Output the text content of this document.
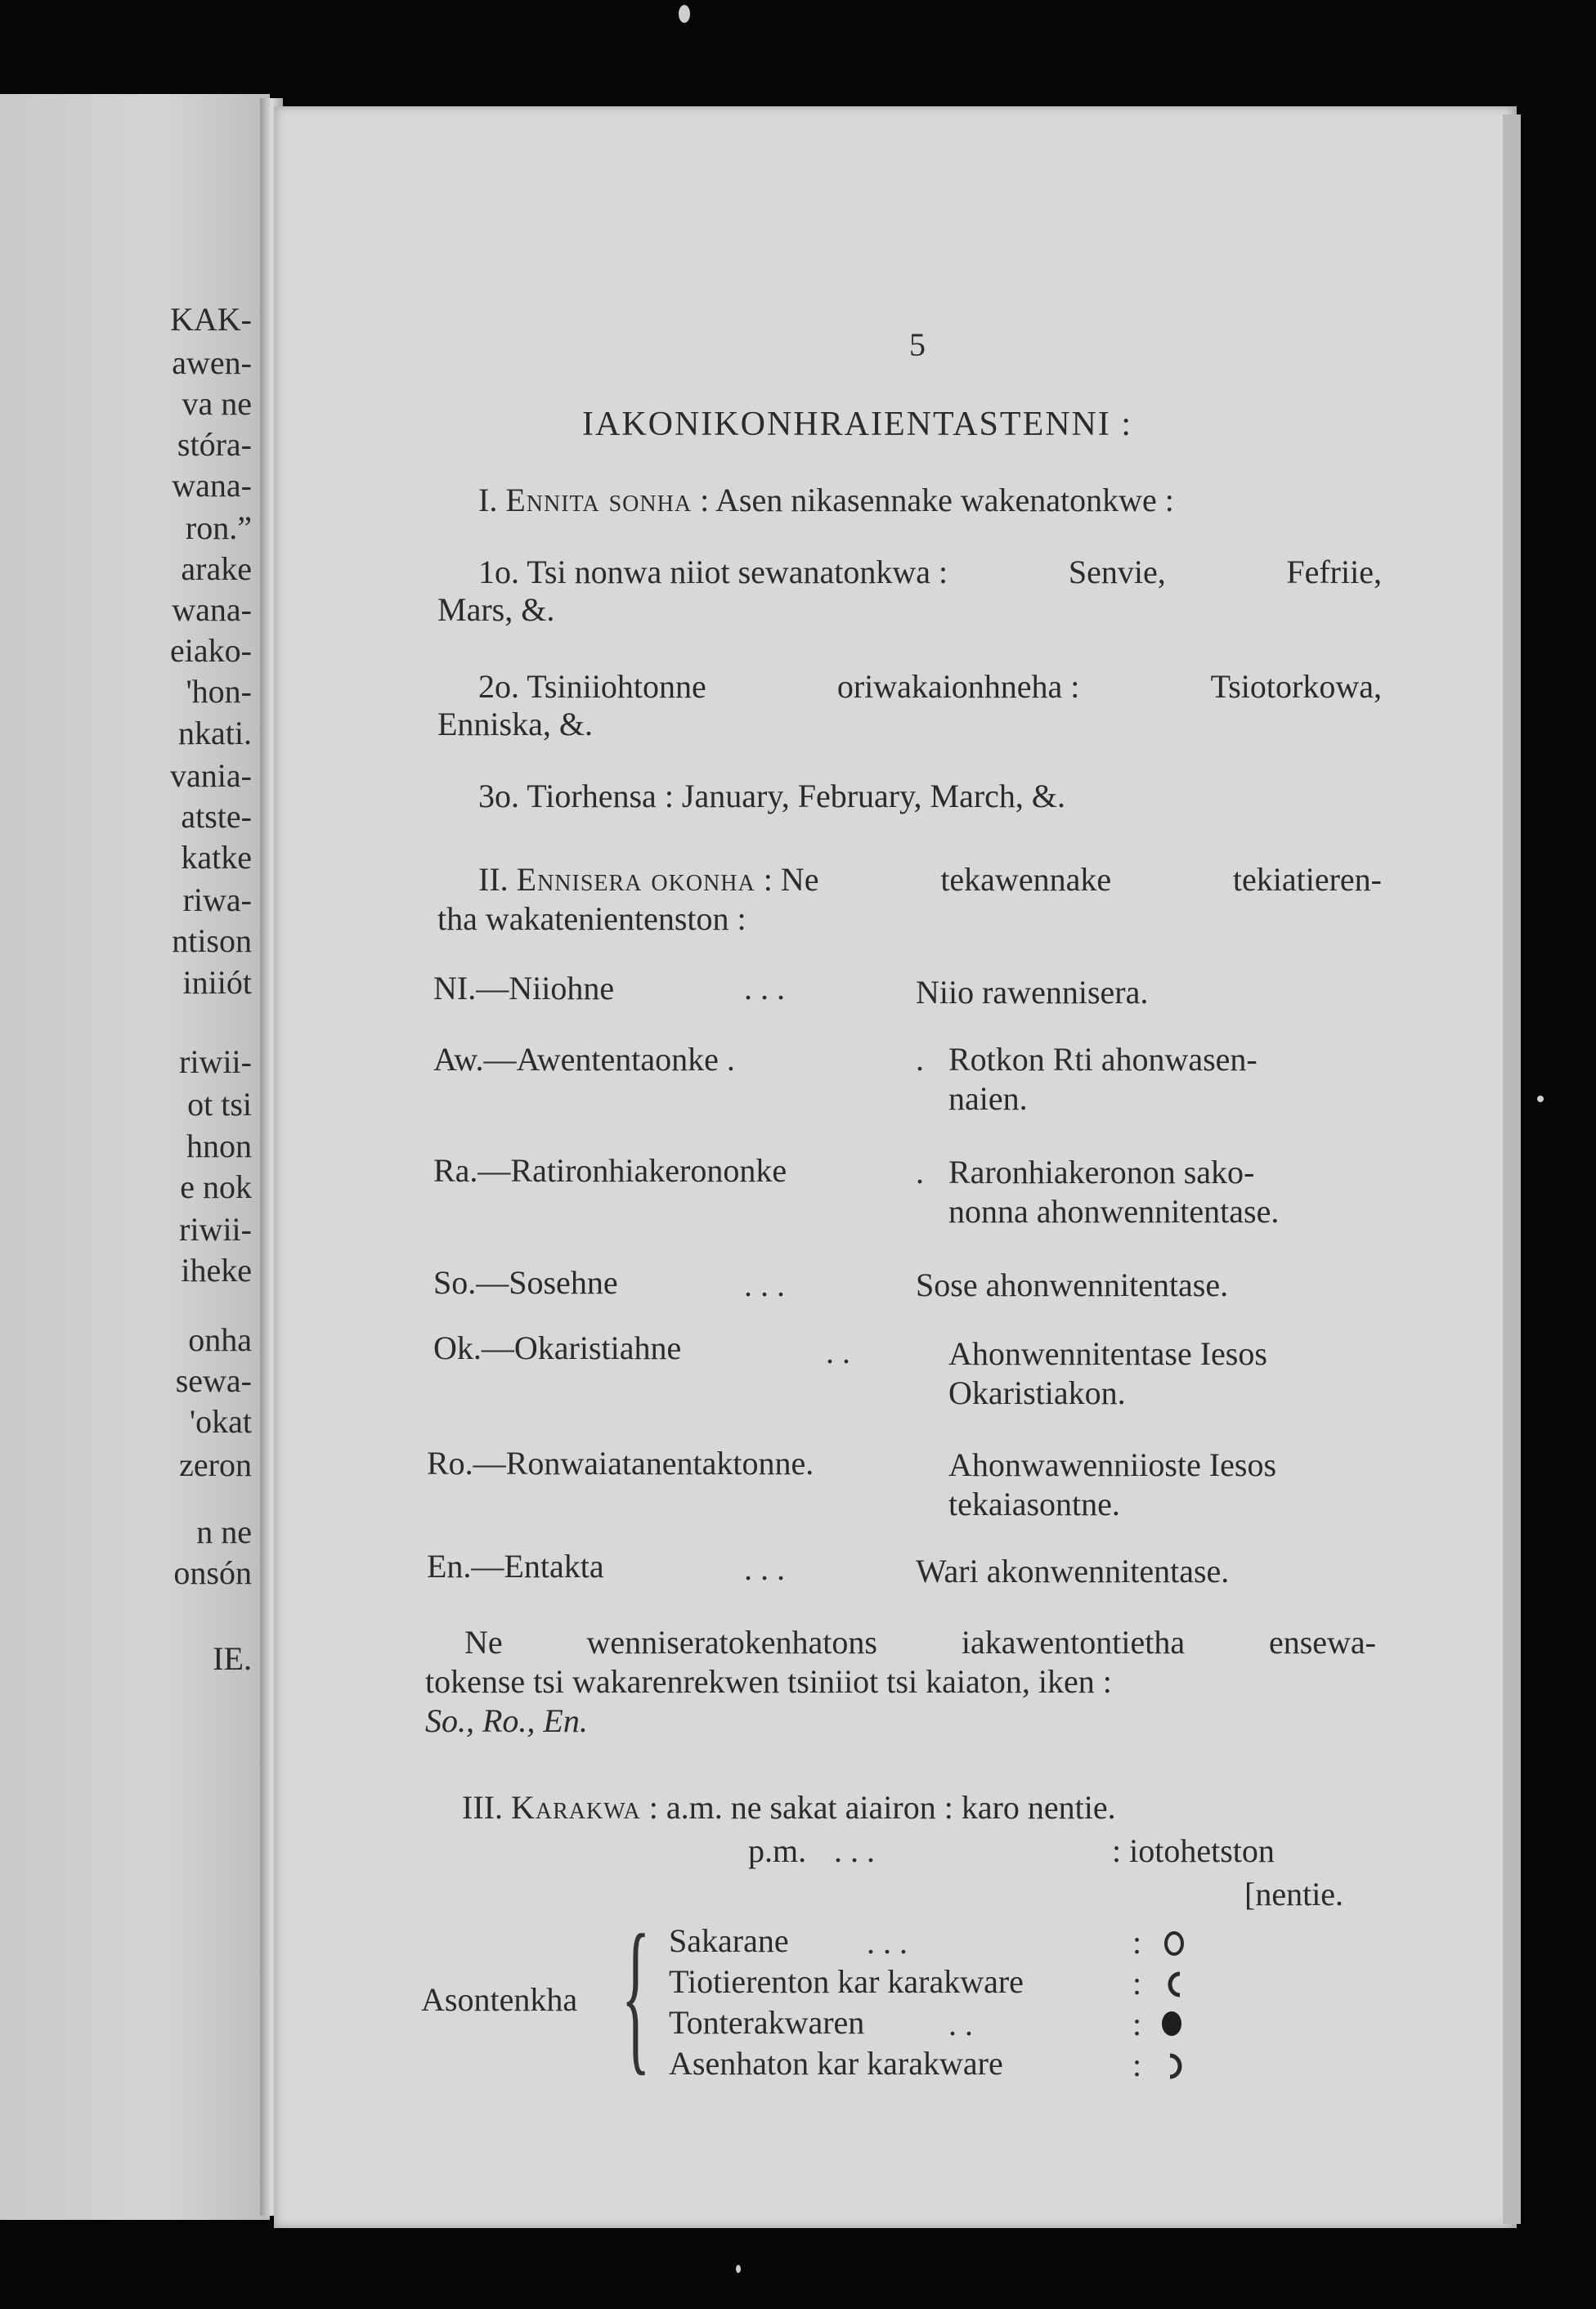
KAK-
awen-
va ne
stóra-
wana-
ron.”
arake
wana-
eiako-
'hon-
nkati.
vania-
atste-
katke
riwa-
ntison
iniiót
riwii-
ot tsi
hnon
e nok
riwii-
iheke
onha
sewa-
'okat
zeron
n ne
onsón
IE.
5
IAKONIKONHRAIENTASTENNI :
I. Ennita sonha : Asen nikasennake wakenatonkwe :
1o. Tsi nonwa niiot sewanatonkwa :	Senvie,	Fefriie,
Mars, &.
2o. Tsiniiohtonne	oriwakaionhneha :	Tsiotorkowa,
Enniska, &.
3o. Tiorhensa : January, February, March, &.
II. Ennisera okonha : Ne	tekawennake	tekiatieren-
tha wakatenientenston :
NI.—Niiohne	. . .	Niio rawennisera.
Aw.—Awententaonke .	. Rotkon Rti ahonwasen-
naien.
Ra.—Ratironhiakerononke	. Raronhiakeronon sako-
nonna ahonwennitentase.
So.—Sosehne	. . .	Sose ahonwennitentase.
Ok.—Okaristiahne	. .	Ahonwennitentase Iesos
Okaristiakon.
Ro.—Ronwaiatanentaktonne.	Ahonwawenniioste Iesos
tekaiasontne.
En.—Entakta	. . .	Wari akonwennitentase.
Ne	wenniseratokenhatons	iakawentontietha	ensewa-
tokense tsi wakarenrekwen tsiniiot tsi kaiaton, iken :
So., Ro., En.
III. Karakwa : a.m. ne sakat aiairon : karo nentie.
p.m. . . .	: iotohetston
[nentie.
Asontenkha { Sakarane . . .	:
Tiotierenton kar karakware	:
Tonterakwaren	. .	:
Asenhaton kar karakware	:
